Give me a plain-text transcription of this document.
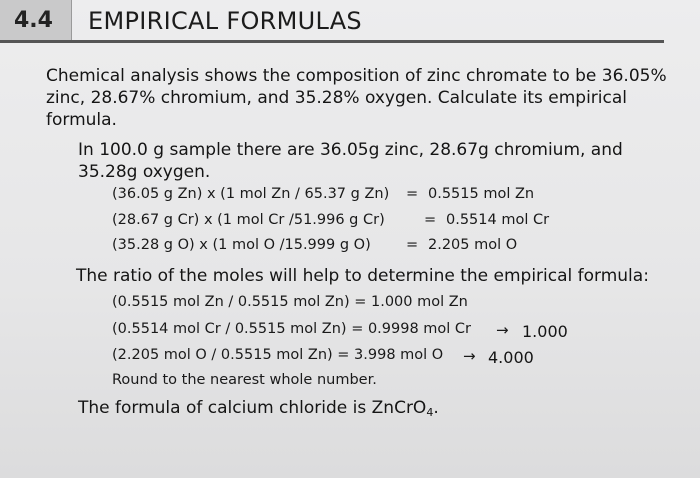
4.4	EMPIRICAL FORMULAS
Chemical analysis shows the composition of zinc chromate to be 36.05%
zinc, 28.67% chromium, and 35.28% oxygen. Calculate its empirical
formula.
In 100.0 g sample there are 36.05g zinc, 28.67g chromium, and
35.28g oxygen.
(36.05 g Zn) x (1 mol Zn / 65.37 g Zn) = 0.5515 mol Zn
(28.67 g Cr) x (1 mol Cr /51.996 g Cr)	= 0.5514 mol Cr
(35.28 g O) x (1 mol O /15.999 g O) = 2.205 mol O
The ratio of the moles will help to determine the empirical formula:
(0.5515 mol Zn / 0.5515 mol Zn) = 1.000 mol Zn
(0.5514 mol Cr / 0.5515 mol Zn) = 0.9998 mol Cr → 1.000
(2.205 mol O / 0.5515 mol Zn) = 3.998 mol O → 4.000
Round to the nearest whole number.
The formula of calcium chloride is ZnCrO$_4$.
